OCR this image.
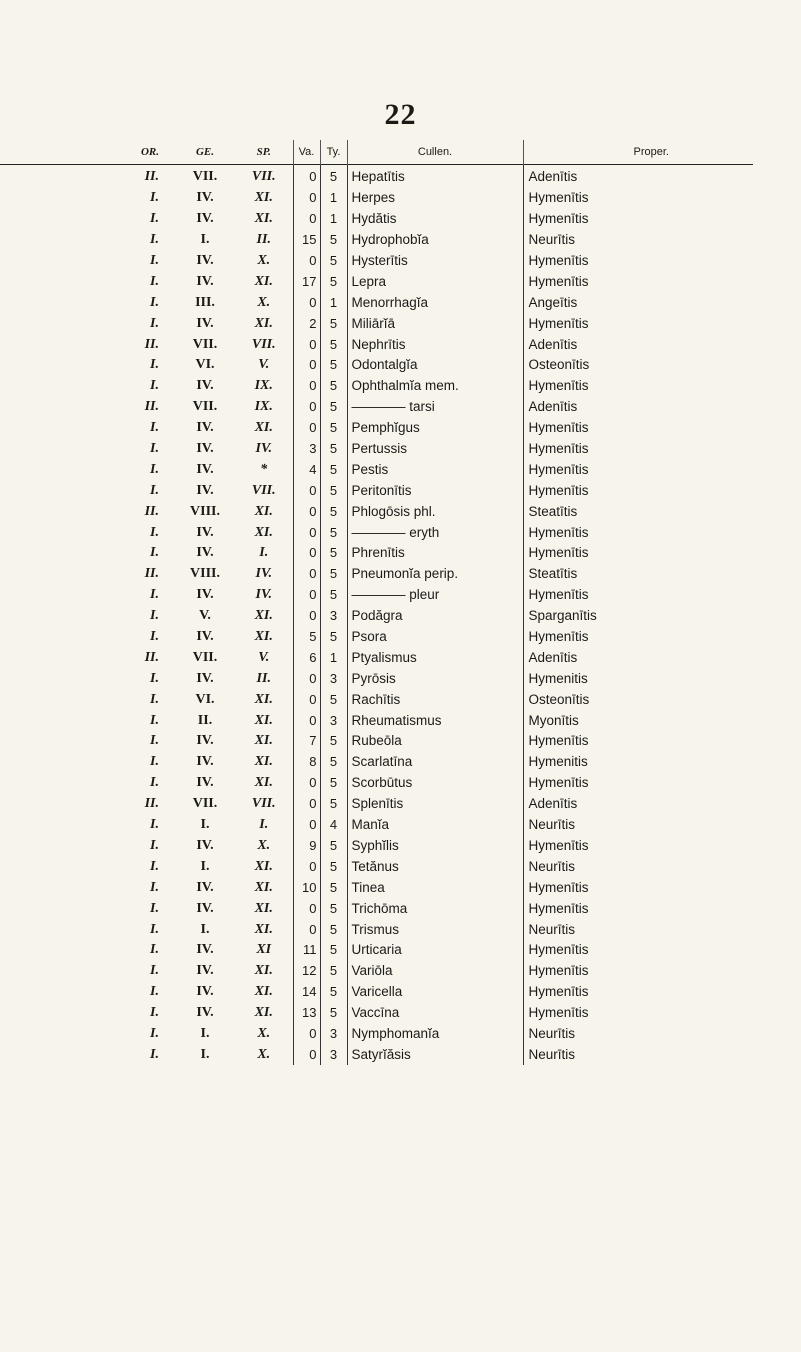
22
OR.	GE.	SP.	Va.	Ty.	Cullen.	Proper.
II.	VII.	VII.	0	5	Hepatītis	Adenītis
I.	IV.	XI.	0	1	Herpes	Hymenītis
I.	IV.	XI.	0	1	Hydătis	Hymenītis
I.	I.	II.	15	5	Hydrophobĭa	Neurītis
I.	IV.	X.	0	5	Hysterītis	Hymenītis
I.	IV.	XI.	17	5	Lepra	Hymenītis
I.	III.	X.	0	1	Menorrhagĭa	Angeītis
I.	IV.	XI.	2	5	Miliārĭā	Hymenītis
II.	VII.	VII.	0	5	Nephrītis	Adenītis
I.	VI.	V.	0	5	Odontalgĭa	Osteonītis
I.	IV.	IX.	0	5	Ophthalmĭa mem.	Hymenītis
II.	VII.	IX.	0	5	———— tarsi	Adenītis
I.	IV.	XI.	0	5	Pemphĭgus	Hymenītis
I.	IV.	IV.	3	5	Pertussis	Hymenītis
I.	IV.	*	4	5	Pestis	Hymenītis
I.	IV.	VII.	0	5	Peritonītis	Hymenītis
II.	VIII.	XI.	0	5	Phlogōsis phl.	Steatītis
I.	IV.	XI.	0	5	———— eryth	Hymenītis
I.	IV.	I.	0	5	Phrenītis	Hymenītis
II.	VIII.	IV.	0	5	Pneumonĭa perip.	Steatītis
I.	IV.	IV.	0	5	———— pleur	Hymenītis
I.	V.	XI.	0	3	Podăgra	Sparganītis
I.	IV.	XI.	5	5	Psora	Hymenītis
II.	VII.	V.	6	1	Ptyalismus	Adenītis
I.	IV.	II.	0	3	Pyrōsis	Hymenitis
I.	VI.	XI.	0	5	Rachītis	Osteonītis
I.	II.	XI.	0	3	Rheumatismus	Myonītis
I.	IV.	XI.	7	5	Rubeōla	Hymenītis
I.	IV.	XI.	8	5	Scarlatīna	Hymenitis
I.	IV.	XI.	0	5	Scorbūtus	Hymenītis
II.	VII.	VII.	0	5	Splenītis	Adenītis
I.	I.	I.	0	4	Manĭa	Neurītis
I.	IV.	X.	9	5	Syphĭlis	Hymenītis
I.	I.	XI.	0	5	Tetănus	Neurītis
I.	IV.	XI.	10	5	Tinea	Hymenītis
I.	IV.	XI.	0	5	Trichōma	Hymenītis
I.	I.	XI.	0	5	Trismus	Neurītis
I.	IV.	XI	11	5	Urticaria	Hymenītis
I.	IV.	XI.	12	5	Variōla	Hymenītis
I.	IV.	XI.	14	5	Varicella	Hymenītis
I.	IV.	XI.	13	5	Vaccīna	Hymenītis
I.	I.	X.	0	3	Nymphomanĭa	Neurītis
I.	I.	X.	0	3	Satyrĭăsis	Neurītis
